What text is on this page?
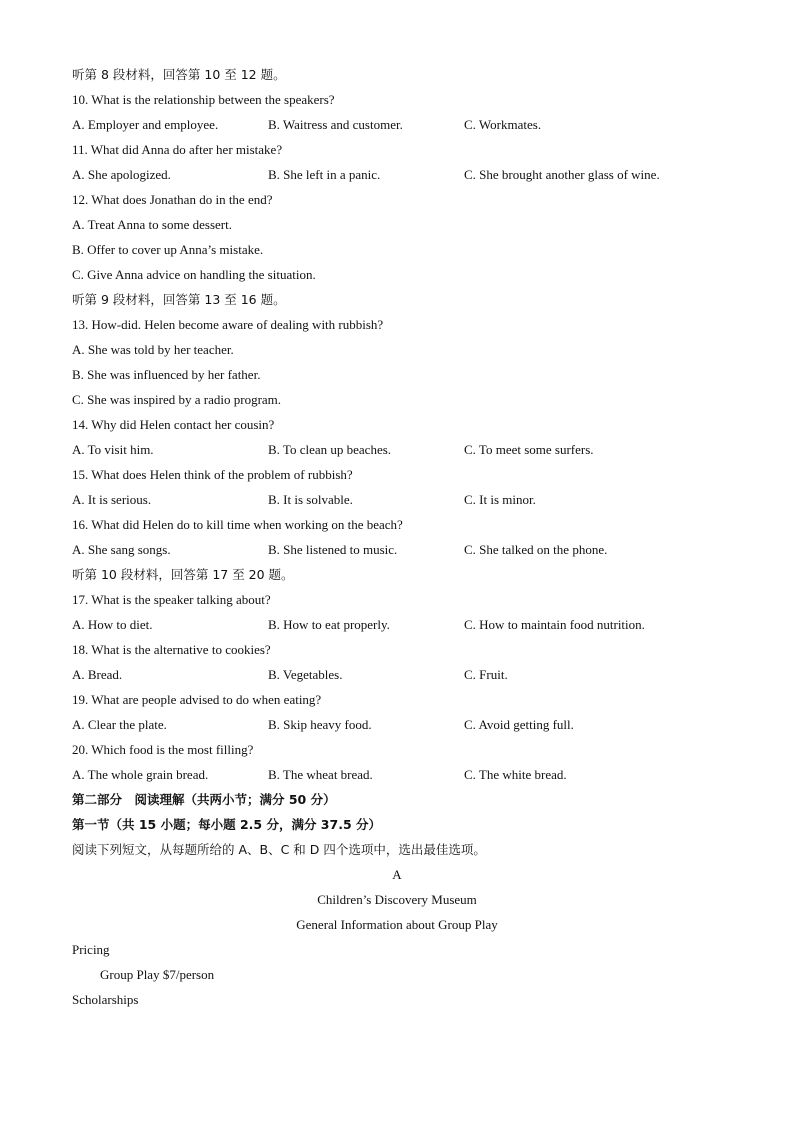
听第 8 段材料，回答第 10 至 12 题。
10. What is the relationship between the speakers?
A. Employer and employee.	B. Waitress and customer.	C. Workmates.
11. What did Anna do after her mistake?
A. She apologized.	B. She left in a panic.	C. She brought another glass of wine.
12. What does Jonathan do in the end?
A. Treat Anna to some dessert.
B. Offer to cover up Anna’s mistake.
C. Give Anna advice on handling the situation.
听第 9 段材料，回答第 13 至 16 题。
13. How-did. Helen become aware of dealing with rubbish?
A. She was told by her teacher.
B. She was influenced by her father.
C. She was inspired by a radio program.
14. Why did Helen contact her cousin?
A. To visit him.	B. To clean up beaches.	C. To meet some surfers.
15. What does Helen think of the problem of rubbish?
A. It is serious.	B. It is solvable.	C. It is minor.
16. What did Helen do to kill time when working on the beach?
A. She sang songs.	B. She listened to music.	C. She talked on the phone.
听第 10 段材料，回答第 17 至 20 题。
17. What is the speaker talking about?
A. How to diet.	B. How to eat properly.	C. How to maintain food nutrition.
18. What is the alternative to cookies?
A. Bread.	B. Vegetables.	C. Fruit.
19. What are people advised to do when eating?
A. Clear the plate.	B. Skip heavy food.	C. Avoid getting full.
20. Which food is the most filling?
A. The whole grain bread.	B. The wheat bread.	C. The white bread.
第二部分　阅读理解（共两小节；满分 50 分）
第一节（共 15 小题；每小题 2.5 分，满分 37.5 分）
阅读下列短文，从每题所给的 A、B、C 和 D 四个选项中，选出最佳选项。
A
Children’s Discovery Museum
General Information about Group Play
Pricing
Group Play $7/person
Scholarships
